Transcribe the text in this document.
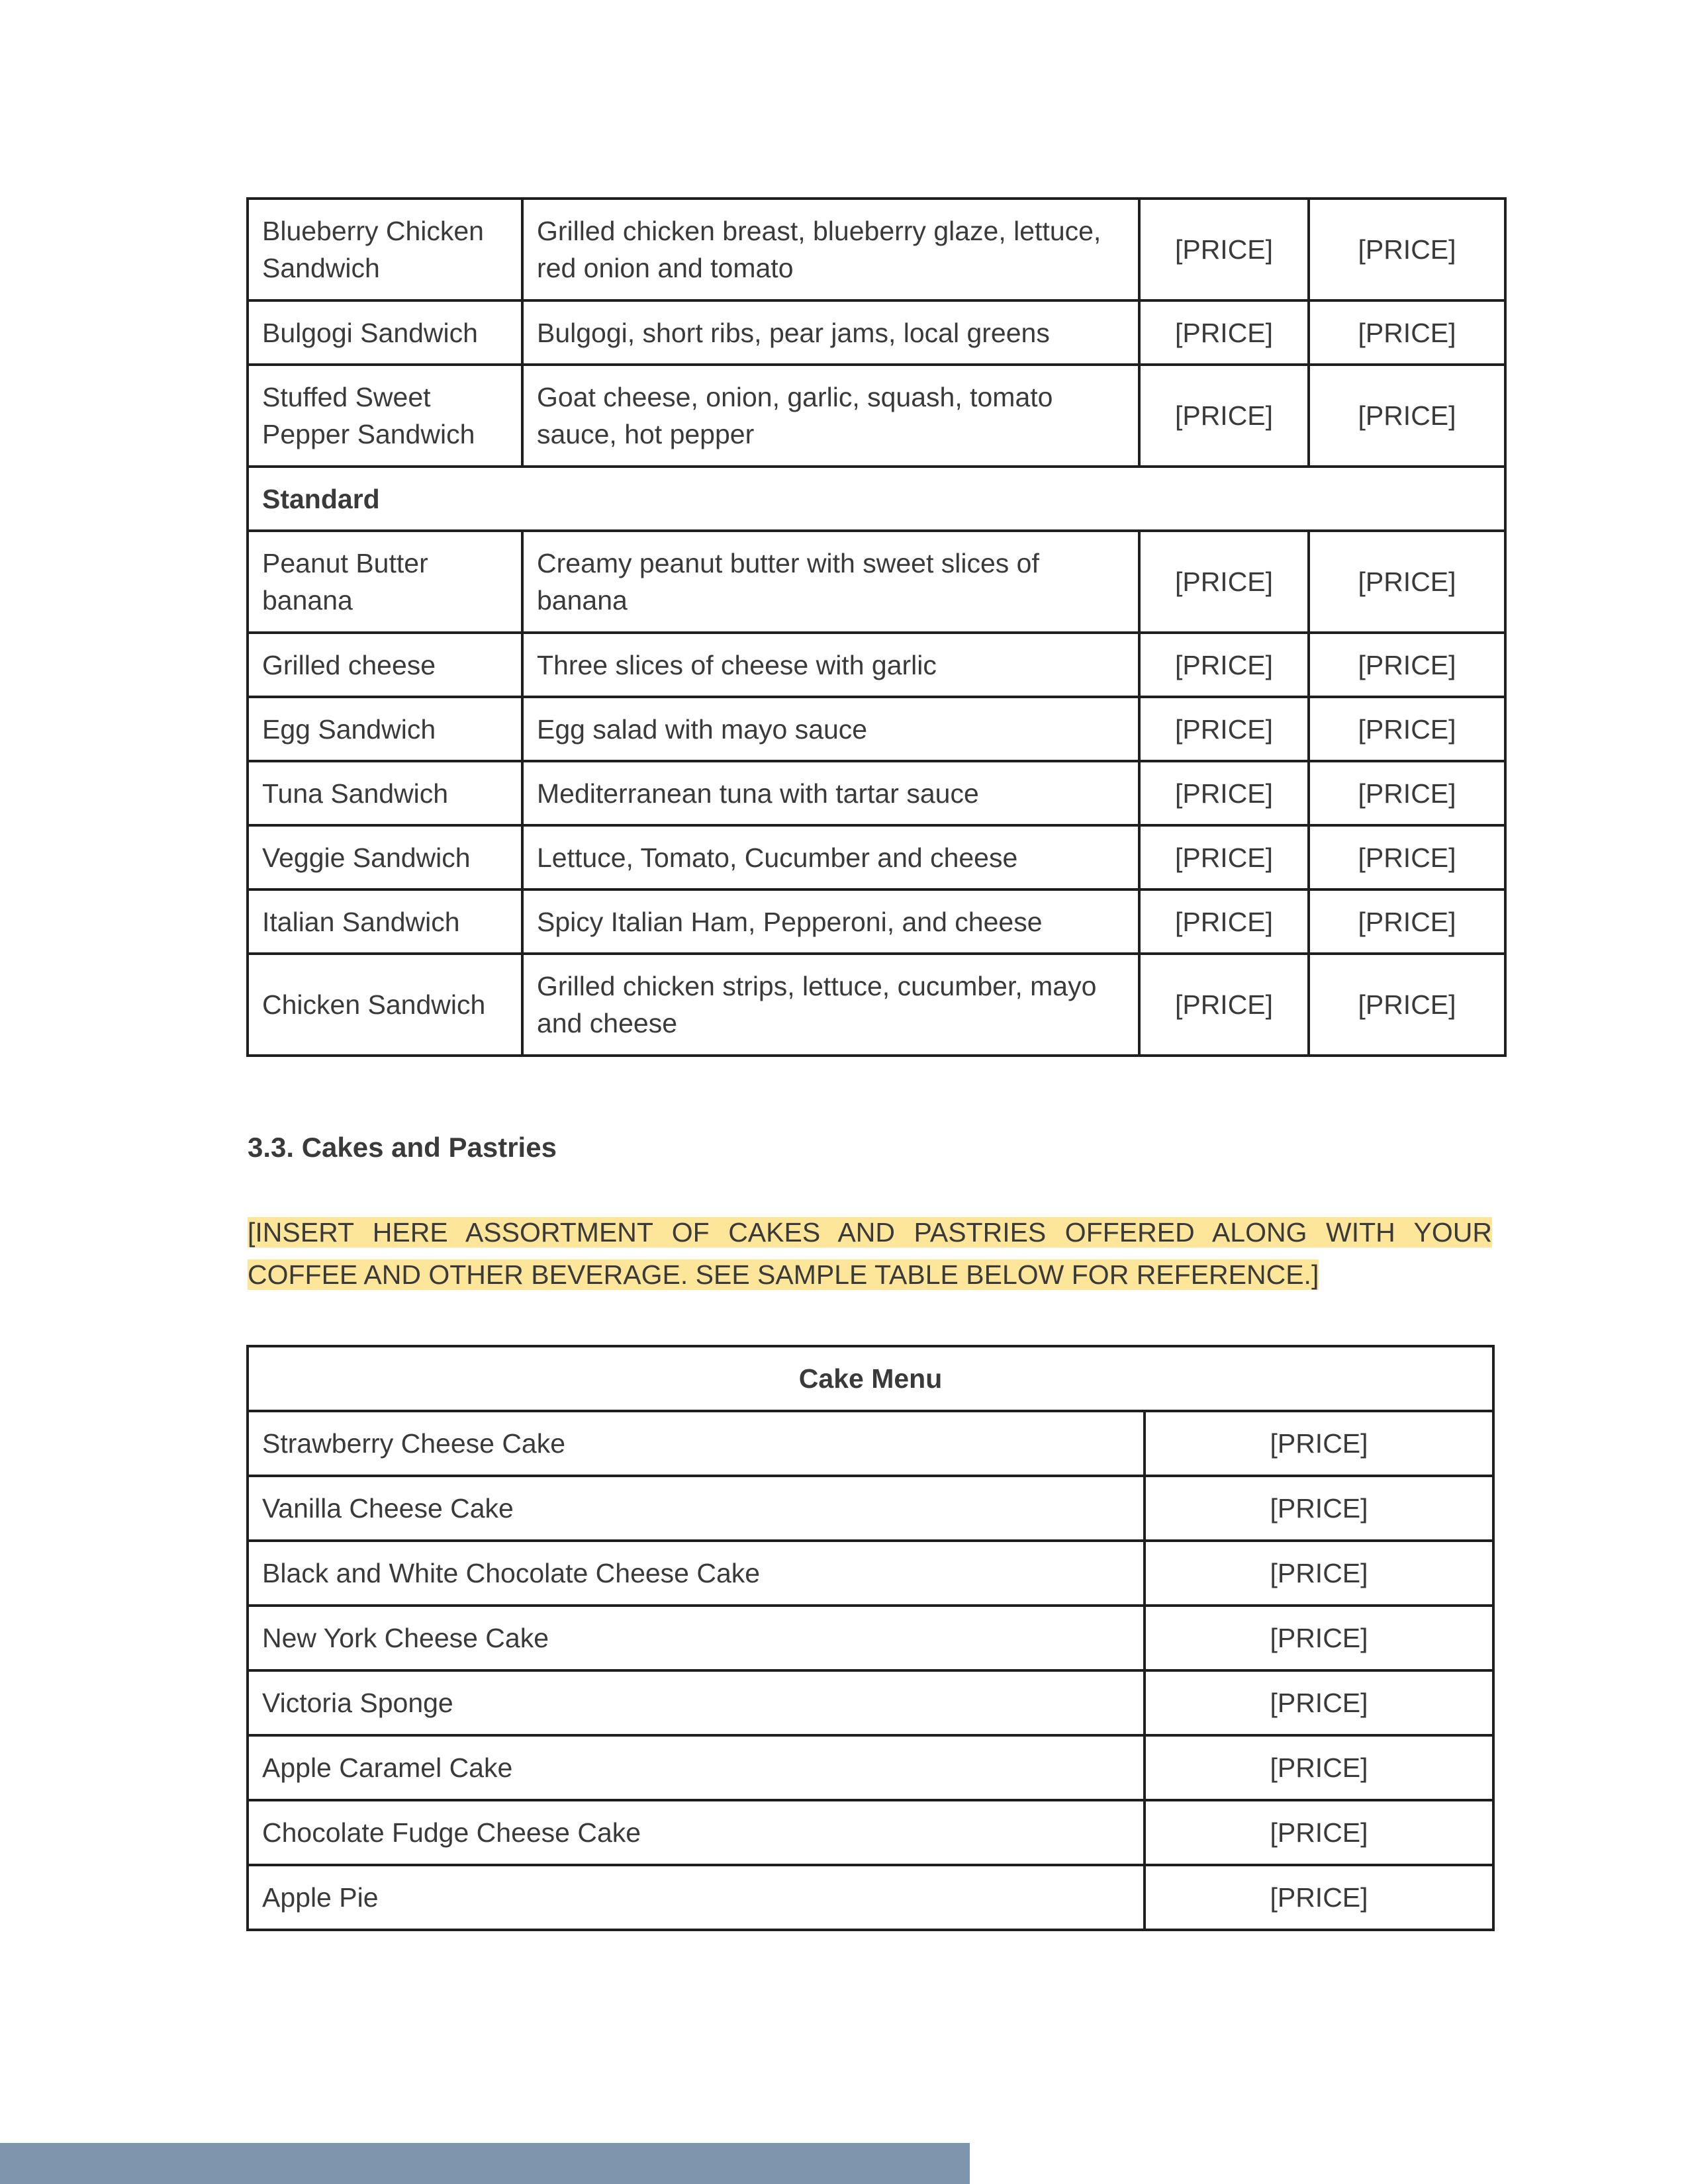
Blueberry Chicken Sandwich	Grilled chicken breast, blueberry glaze, lettuce, red onion and tomato	[PRICE]	[PRICE]
Bulgogi Sandwich	Bulgogi, short ribs, pear jams, local greens	[PRICE]	[PRICE]
Stuffed Sweet Pepper Sandwich	Goat cheese, onion, garlic, squash, tomato sauce, hot pepper	[PRICE]	[PRICE]
Standard			
Peanut Butter banana	Creamy peanut butter with sweet slices of banana	[PRICE]	[PRICE]
Grilled cheese	Three slices of cheese with garlic	[PRICE]	[PRICE]
Egg Sandwich	Egg salad with mayo sauce	[PRICE]	[PRICE]
Tuna Sandwich	Mediterranean tuna with tartar sauce	[PRICE]	[PRICE]
Veggie Sandwich	Lettuce, Tomato, Cucumber and cheese	[PRICE]	[PRICE]
Italian Sandwich	Spicy Italian Ham, Pepperoni, and cheese	[PRICE]	[PRICE]
Chicken Sandwich	Grilled chicken strips, lettuce, cucumber, mayo and cheese	[PRICE]	[PRICE]
3.3. Cakes and Pastries

[INSERT HERE ASSORTMENT OF CAKES AND PASTRIES OFFERED ALONG WITH YOUR COFFEE AND OTHER BEVERAGE. SEE SAMPLE TABLE BELOW FOR REFERENCE.]

Cake Menu	
Strawberry Cheese Cake	[PRICE]
Vanilla Cheese Cake	[PRICE]
Black and White Chocolate Cheese Cake	[PRICE]
New York Cheese Cake	[PRICE]
Victoria Sponge	[PRICE]
Apple Caramel Cake	[PRICE]
Chocolate Fudge Cheese Cake	[PRICE]
Apple Pie	[PRICE]
